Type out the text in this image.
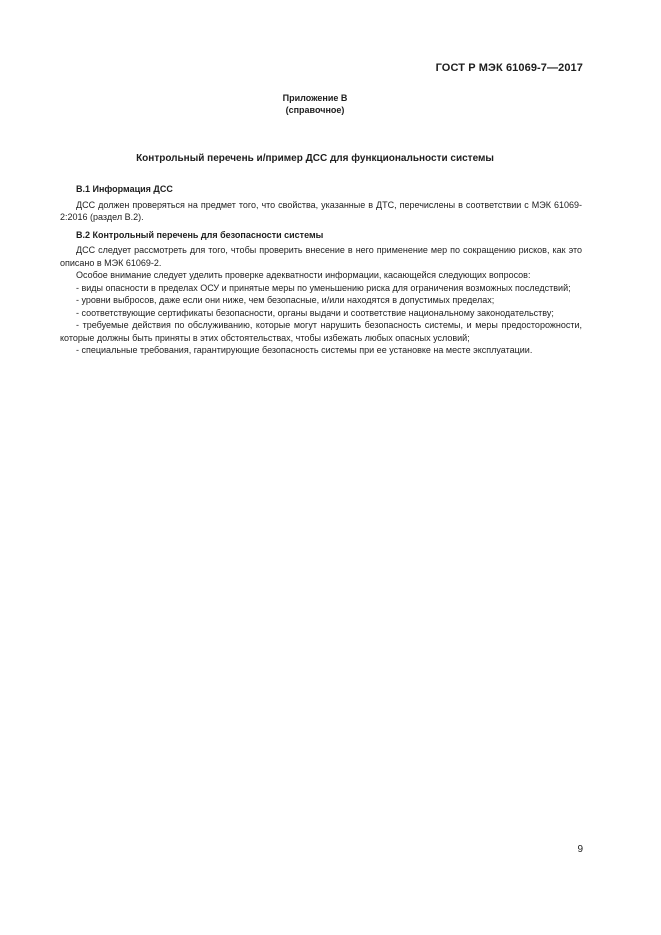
ГОСТ Р МЭК 61069-7—2017
Приложение В
(справочное)
Контрольный перечень и/пример ДСС для функциональности системы

В.1 Информация ДСС

ДСС должен проверяться на предмет того, что свойства, указанные в ДТС, перечислены в соответствии с МЭК 61069-2:2016 (раздел В.2).

В.2 Контрольный перечень для безопасности системы

ДСС следует рассмотреть для того, чтобы проверить внесение в него применение мер по сокращению рисков, как это описано в МЭК 61069-2.

Особое внимание следует уделить проверке адекватности информации, касающейся следующих вопросов:

- виды опасности в пределах ОСУ и принятые меры по уменьшению риска для ограничения возможных последствий;

- уровни выбросов, даже если они ниже, чем безопасные, и/или находятся в допустимых пределах;

- соответствующие сертификаты безопасности, органы выдачи и соответствие национальному законодательству;

- требуемые действия по обслуживанию, которые могут нарушить безопасность системы, и меры предосторожности, которые должны быть приняты в этих обстоятельствах, чтобы избежать любых опасных условий;

- специальные требования, гарантирующие безопасность системы при ее установке на месте эксплуатации.

9
